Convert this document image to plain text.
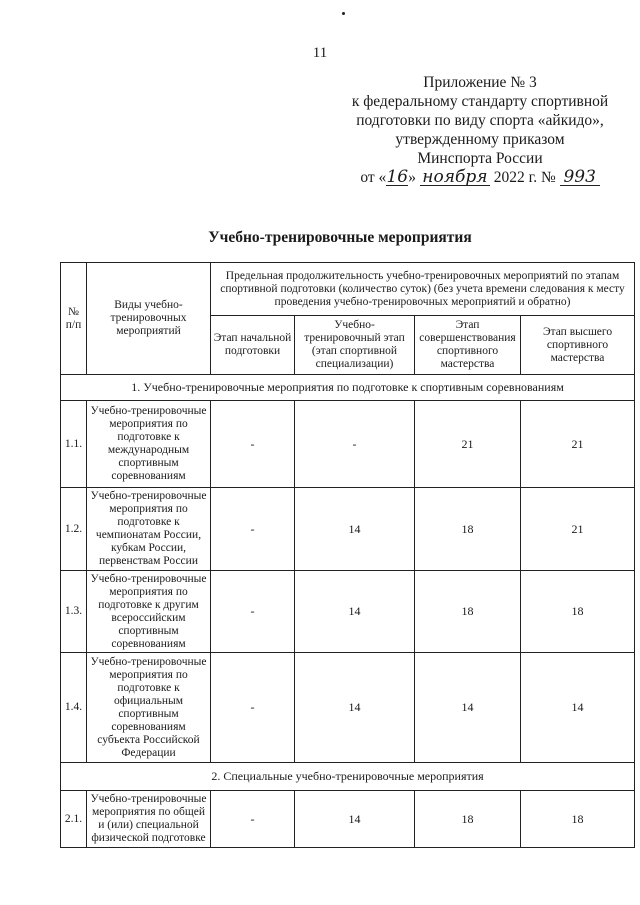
11
Приложение № 3
к федеральному стандарту спортивной
подготовки по виду спорта «айкидо»,
утвержденному приказом
Минспорта России
от «16» ноября 2022 г. № 993
Учебно-тренировочные мероприятия
№ п/п	Виды учебно-тренировочных мероприятий	Предельная продолжительность учебно-тренировочных мероприятий по этапам спортивной подготовки (количество суток) (без учета времени следования к месту проведения учебно-тренировочных мероприятий и обратно)			
		Этап начальной подготовки	Учебно-тренировочный этап (этап спортивной специализации)	Этап совершенствования спортивного мастерства	Этап высшего спортивного мастерства
1. Учебно-тренировочные мероприятия по подготовке к спортивным соревнованиям					
1.1.	Учебно-тренировочные мероприятия по подготовке к международным спортивным соревнованиям	-	-	21	21
1.2.	Учебно-тренировочные мероприятия по подготовке к чемпионатам России, кубкам России, первенствам России	-	14	18	21
1.3.	Учебно-тренировочные мероприятия по подготовке к другим всероссийским спортивным соревнованиям	-	14	18	18
1.4.	Учебно-тренировочные мероприятия по подготовке к официальным спортивным соревнованиям субъекта Российской Федерации	-	14	14	14
2. Специальные учебно-тренировочные мероприятия					
2.1.	Учебно-тренировочные мероприятия по общей и (или) специальной физической подготовке	-	14	18	18
